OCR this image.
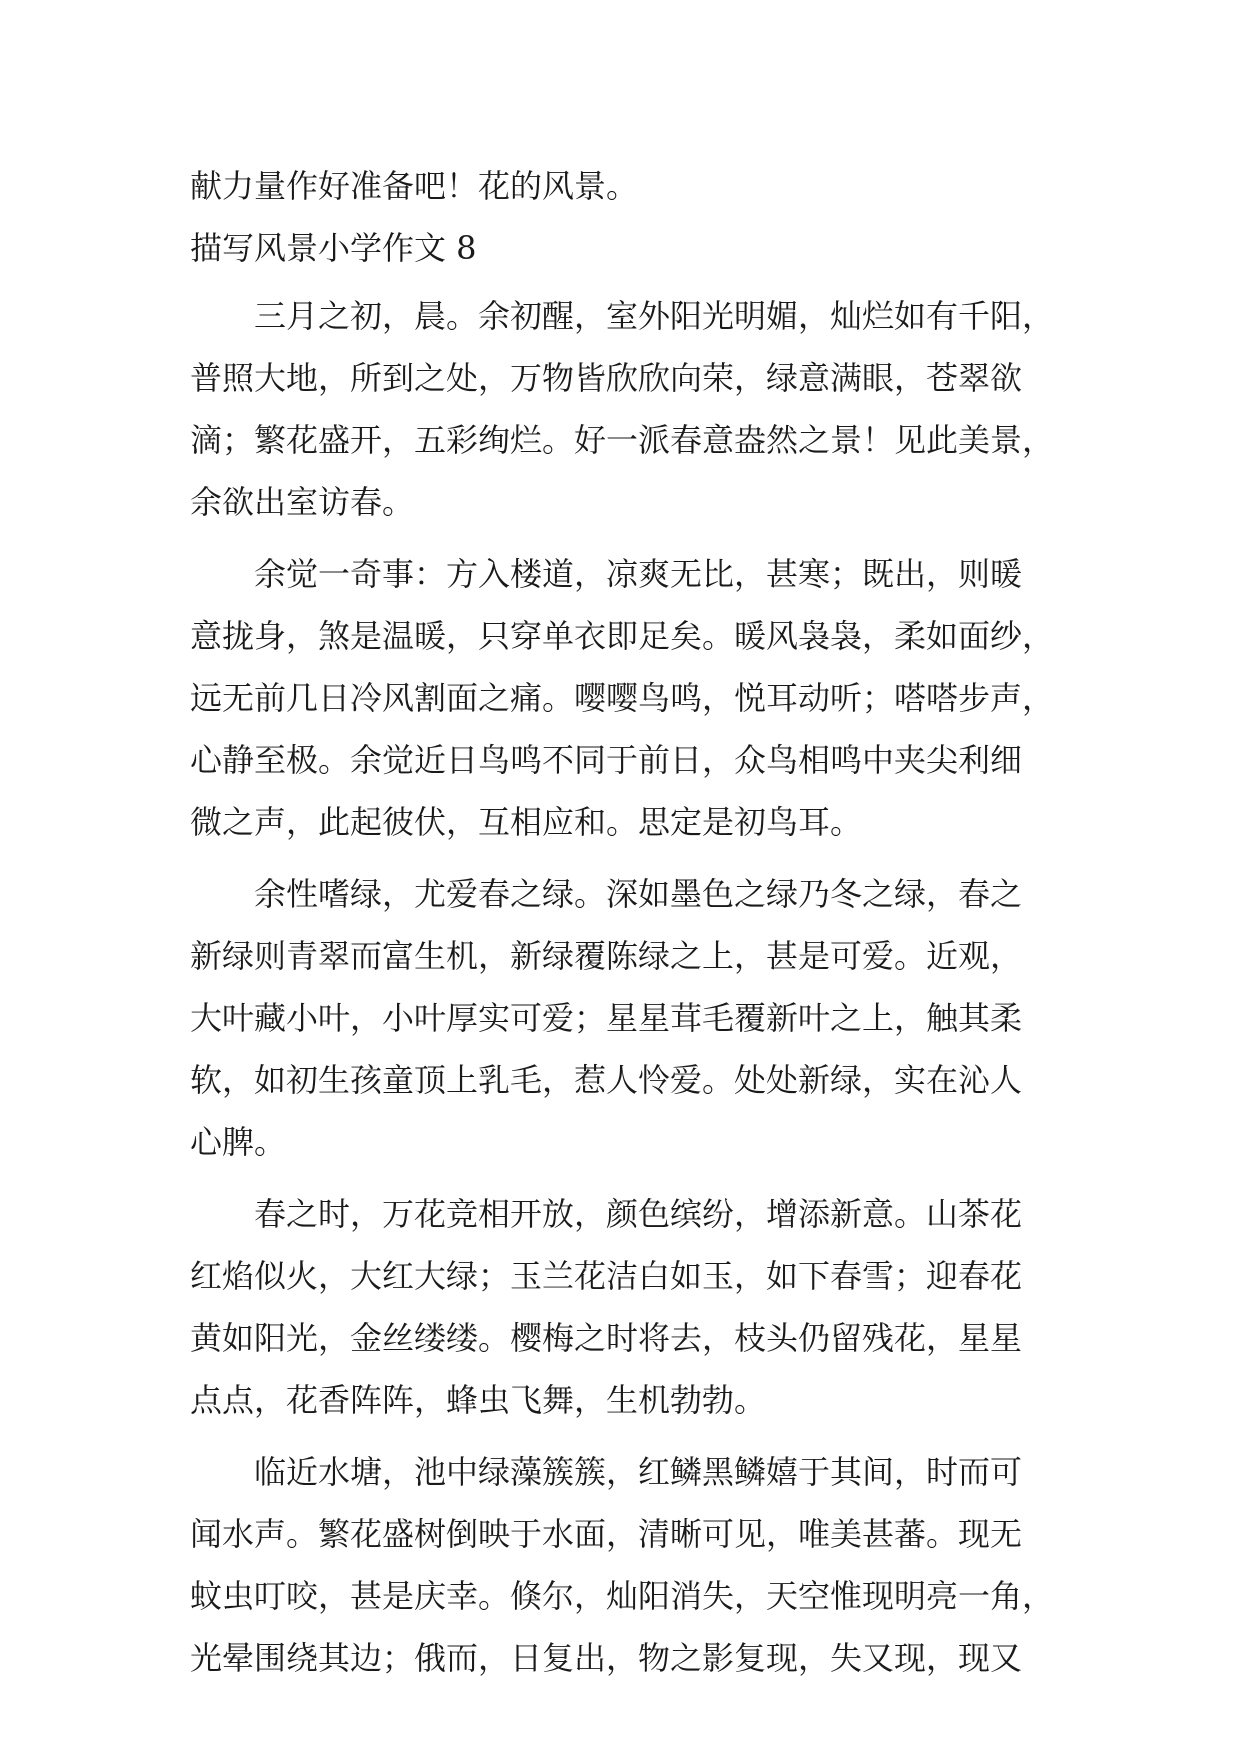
献力量作好准备吧！花的风景。
描写风景小学作文 8
三月之初，晨。余初醒，室外阳光明媚，灿烂如有千阳，
普照大地，所到之处，万物皆欣欣向荣，绿意满眼，苍翠欲
滴；繁花盛开，五彩绚烂。好一派春意盎然之景！见此美景，
余欲出室访春。
余觉一奇事：方入楼道，凉爽无比，甚寒；既出，则暖
意拢身，煞是温暖，只穿单衣即足矣。暖风袅袅，柔如面纱，
远无前几日冷风割面之痛。嘤嘤鸟鸣，悦耳动听；嗒嗒步声，
心静至极。余觉近日鸟鸣不同于前日，众鸟相鸣中夹尖利细
微之声，此起彼伏，互相应和。思定是初鸟耳。
余性嗜绿，尤爱春之绿。深如墨色之绿乃冬之绿，春之
新绿则青翠而富生机，新绿覆陈绿之上，甚是可爱。近观，
大叶藏小叶，小叶厚实可爱；星星茸毛覆新叶之上，触其柔
软，如初生孩童顶上乳毛，惹人怜爱。处处新绿，实在沁人
心脾。
春之时，万花竞相开放，颜色缤纷，增添新意。山茶花
红焰似火，大红大绿；玉兰花洁白如玉，如下春雪；迎春花
黄如阳光，金丝缕缕。樱梅之时将去，枝头仍留残花，星星
点点，花香阵阵，蜂虫飞舞，生机勃勃。
临近水塘，池中绿藻簇簇，红鳞黑鳞嬉于其间，时而可
闻水声。繁花盛树倒映于水面，清晰可见，唯美甚蕃。现无
蚊虫叮咬，甚是庆幸。倏尔，灿阳消失，天空惟现明亮一角，
光晕围绕其边；俄而，日复出，物之影复现，失又现，现又
